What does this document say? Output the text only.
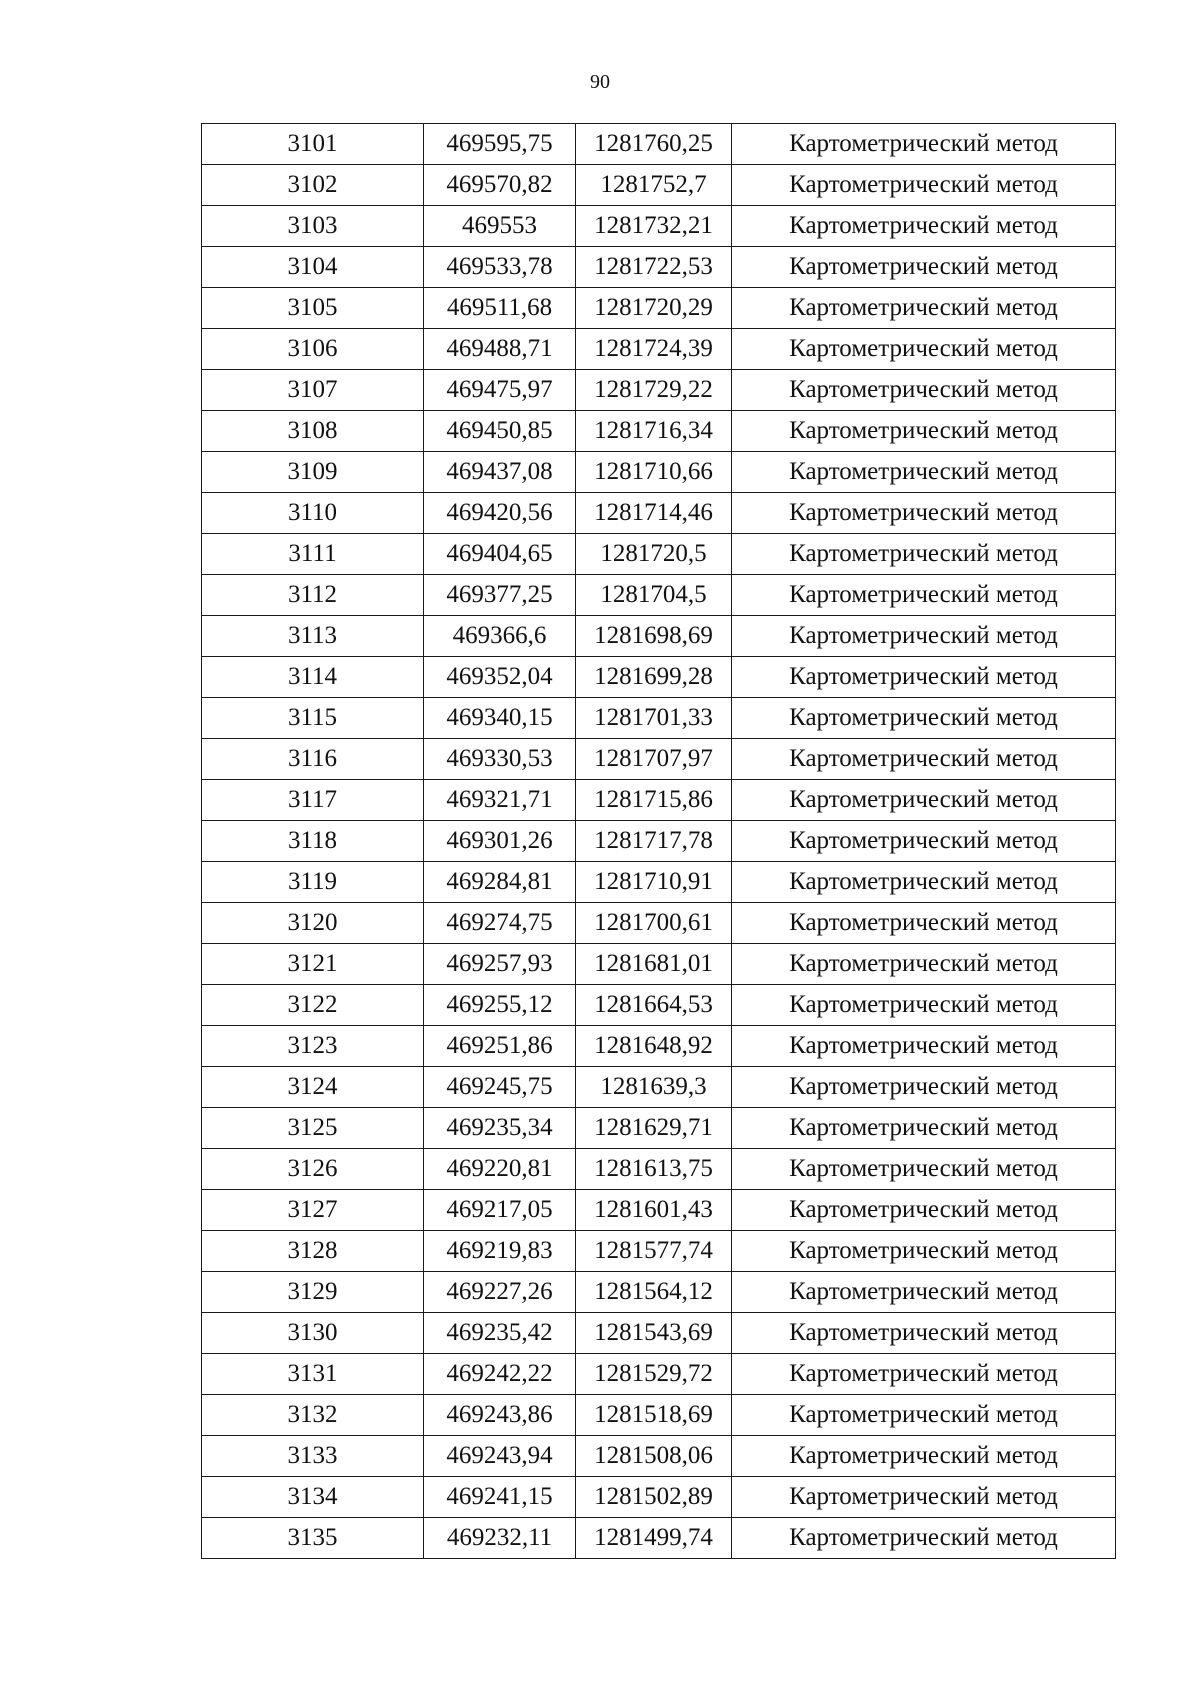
90
3101	469595,75	1281760,25	Картометрический метод
3102	469570,82	1281752,7	Картометрический метод
3103	469553	1281732,21	Картометрический метод
3104	469533,78	1281722,53	Картометрический метод
3105	469511,68	1281720,29	Картометрический метод
3106	469488,71	1281724,39	Картометрический метод
3107	469475,97	1281729,22	Картометрический метод
3108	469450,85	1281716,34	Картометрический метод
3109	469437,08	1281710,66	Картометрический метод
3110	469420,56	1281714,46	Картометрический метод
3111	469404,65	1281720,5	Картометрический метод
3112	469377,25	1281704,5	Картометрический метод
3113	469366,6	1281698,69	Картометрический метод
3114	469352,04	1281699,28	Картометрический метод
3115	469340,15	1281701,33	Картометрический метод
3116	469330,53	1281707,97	Картометрический метод
3117	469321,71	1281715,86	Картометрический метод
3118	469301,26	1281717,78	Картометрический метод
3119	469284,81	1281710,91	Картометрический метод
3120	469274,75	1281700,61	Картометрический метод
3121	469257,93	1281681,01	Картометрический метод
3122	469255,12	1281664,53	Картометрический метод
3123	469251,86	1281648,92	Картометрический метод
3124	469245,75	1281639,3	Картометрический метод
3125	469235,34	1281629,71	Картометрический метод
3126	469220,81	1281613,75	Картометрический метод
3127	469217,05	1281601,43	Картометрический метод
3128	469219,83	1281577,74	Картометрический метод
3129	469227,26	1281564,12	Картометрический метод
3130	469235,42	1281543,69	Картометрический метод
3131	469242,22	1281529,72	Картометрический метод
3132	469243,86	1281518,69	Картометрический метод
3133	469243,94	1281508,06	Картометрический метод
3134	469241,15	1281502,89	Картометрический метод
3135	469232,11	1281499,74	Картометрический метод
